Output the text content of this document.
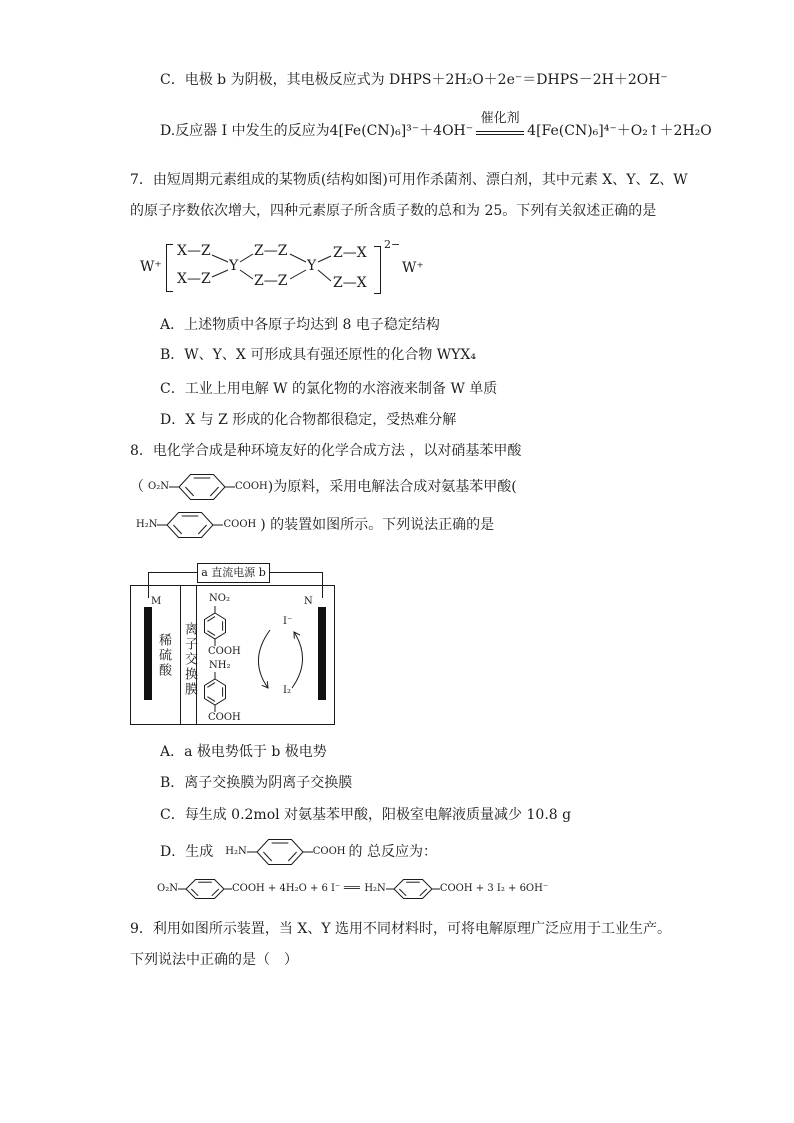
C．电极 b 为阴极，其电极反应式为 DHPS＋2H₂O＋2e⁻＝DHPS－2H＋2OH⁻
D.反应器 I 中发生的反应为4[Fe(CN)₆]³⁻＋4OH⁻
催化剂
4[Fe(CN)₆]⁴⁻＋O₂↑＋2H₂O
7．由短周期元素组成的某物质(结构如图)可用作杀菌剂、漂白剂，其中元素 X、Y、Z、W
的原子序数依次增大，四种元素原子所含质子数的总和为 25。下列有关叙述正确的是
W⁺
X—Z
X—Z
Y
Z—Z
Z—Z
Y
Z—X
Z—X
2−
W⁺
A．上述物质中各原子均达到 8 电子稳定结构
B．W、Y、X 可形成具有强还原性的化合物 WYX₄
C．工业上用电解 W 的氯化物的水溶液来制备 W 单质
D．X 与 Z 形成的化合物都很稳定，受热难分解
8．电化学合成是种环境友好的化学合成方法 ，以对硝基苯甲酸
（ O₂N	COOH )为原料，采用电解法合成对氨基苯甲酸(
H₂N	COOH ) 的装置如图所示。下列说法正确的是
a 直流电源 b
M	N
稀硫酸 离子交换膜
NO₂
COOH
NH₂
COOH
I⁻
I₂
A．a 极电势低于 b 极电势
B．离子交换膜为阴离子交换膜
C．每生成 0.2mol 对氨基苯甲酸，阳极室电解液质量减少 10.8 g
D．生成 H₂N	COOH 的 总反应为：
O₂N	COOH + 4H₂O + 6 I⁻ ═ H₂N	COOH + 3 I₂ + 6OH⁻
9．利用如图所示装置，当 X、Y 选用不同材料时，可将电解原理广泛应用于工业生产。
下列说法中正确的是（　）
